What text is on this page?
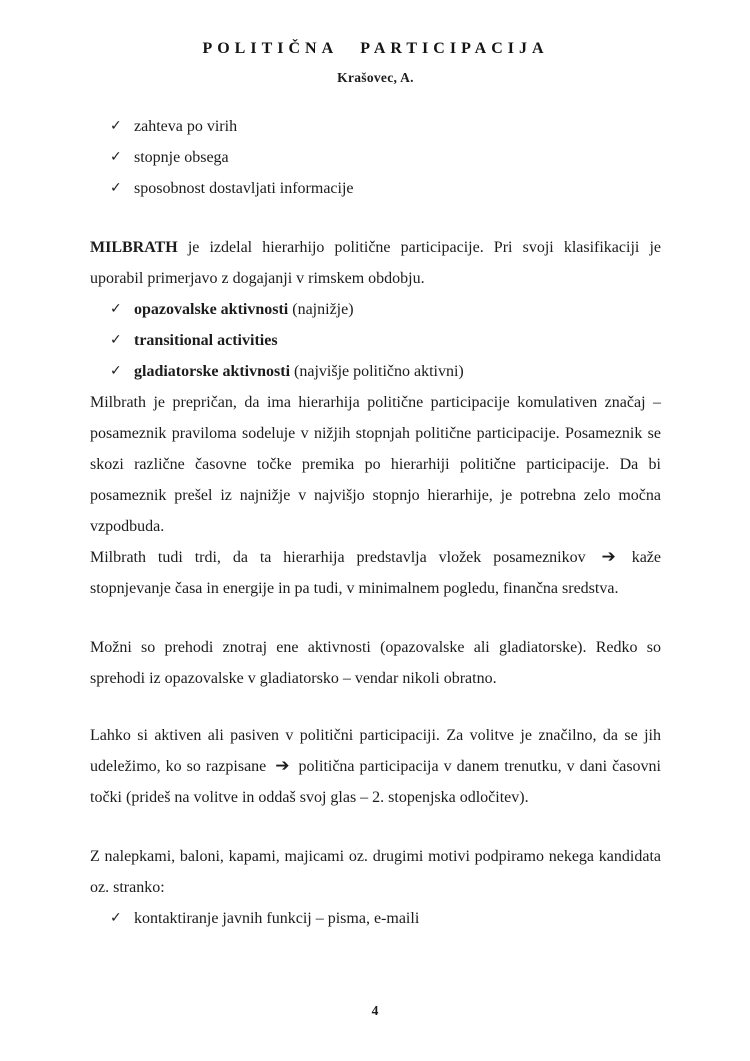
POLITIČNA PARTICIPACIJA
Krašovec, A.
✓ zahteva po virih
✓ stopnje obsega
✓ sposobnost dostavljati informacije

MILBRATH je izdelal hierarhijo politične participacije. Pri svoji klasifikaciji je uporabil primerjavo z dogajanji v rimskem obdobju.

✓ opazovalske aktivnosti (najnižje)
✓ transitional activities
✓ gladiatorske aktivnosti (najvišje politično aktivni)

Milbrath je prepričan, da ima hierarhija politične participacije komulativen značaj – posameznik praviloma sodeluje v nižjih stopnjah politične participacije. Posameznik se skozi različne časovne točke premika po hierarhiji politične participacije. Da bi posameznik prešel iz najnižje v najvišjo stopnjo hierarhije, je potrebna zelo močna vzpodbuda.

Milbrath tudi trdi, da ta hierarhija predstavlja vložek posameznikov ➔ kaže stopnjevanje časa in energije in pa tudi, v minimalnem pogledu, finančna sredstva.

Možni so prehodi znotraj ene aktivnosti (opazovalske ali gladiatorske). Redko so sprehodi iz opazovalske v gladiatorsko – vendar nikoli obratno.

Lahko si aktiven ali pasiven v politični participaciji. Za volitve je značilno, da se jih udeležimo, ko so razpisane ➔ politična participacija v danem trenutku, v dani časovni točki (prideš na volitve in oddaš svoj glas – 2. stopenjska odločitev).

Z nalepkami, baloni, kapami, majicami oz. drugimi motivi podpiramo nekega kandidata oz. stranko:

✓ kontaktiranje javnih funkcij – pisma, e-maili
4
